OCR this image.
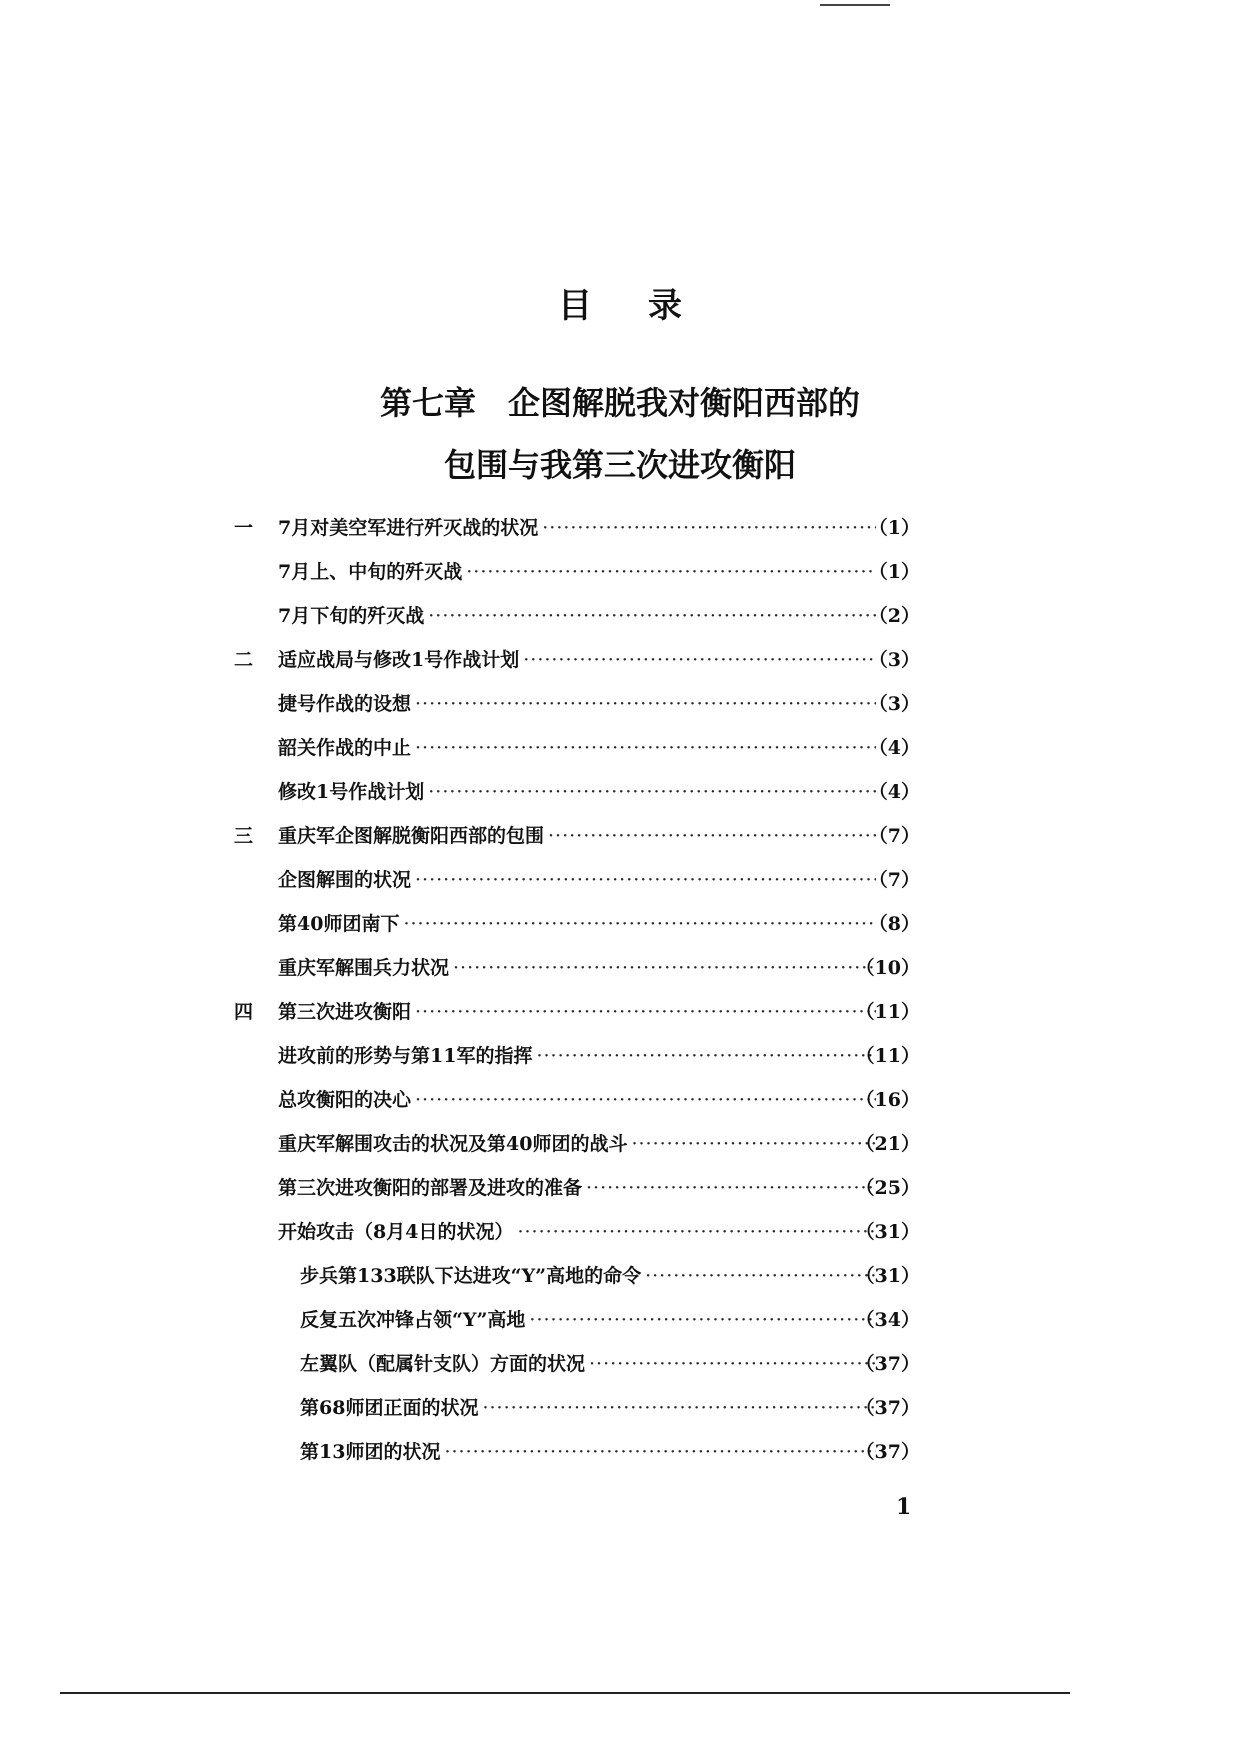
目录
第七章　企图解脱我对衡阳西部的
包围与我第三次进攻衡阳
一 7月对美空军进行歼灭战的状况 ·····	（1）
7月上、中旬的歼灭战 ·····	（1）
7月下旬的歼灭战 ·····	（2）
二 适应战局与修改1号作战计划 ·····	（3）
捷号作战的设想 ·····	（3）
韶关作战的中止 ·····	（4）
修改1号作战计划 ·····	（4）
三 重庆军企图解脱衡阳西部的包围 ·····	（7）
企图解围的状况 ·····	（7）
第40师团南下 ·····	（8）
重庆军解围兵力状况 ·····	（10）
四 第三次进攻衡阳 ·····	（11）
进攻前的形势与第11军的指挥 ·····	（11）
总攻衡阳的决心 ·····	（16）
重庆军解围攻击的状况及第40师团的战斗 ·····	（21）
第三次进攻衡阳的部署及进攻的准备 ·····	（25）
开始攻击（8月4日的状况） ·····	（31）
步兵第133联队下达进攻“Y”高地的命令 ·····	（31）
反复五次冲锋占领“Y”高地 ·····	（34）
左翼队（配属针支队）方面的状况 ·····	（37）
第68师团正面的状况 ·····	（37）
第13师团的状况 ·····	（37）
1
